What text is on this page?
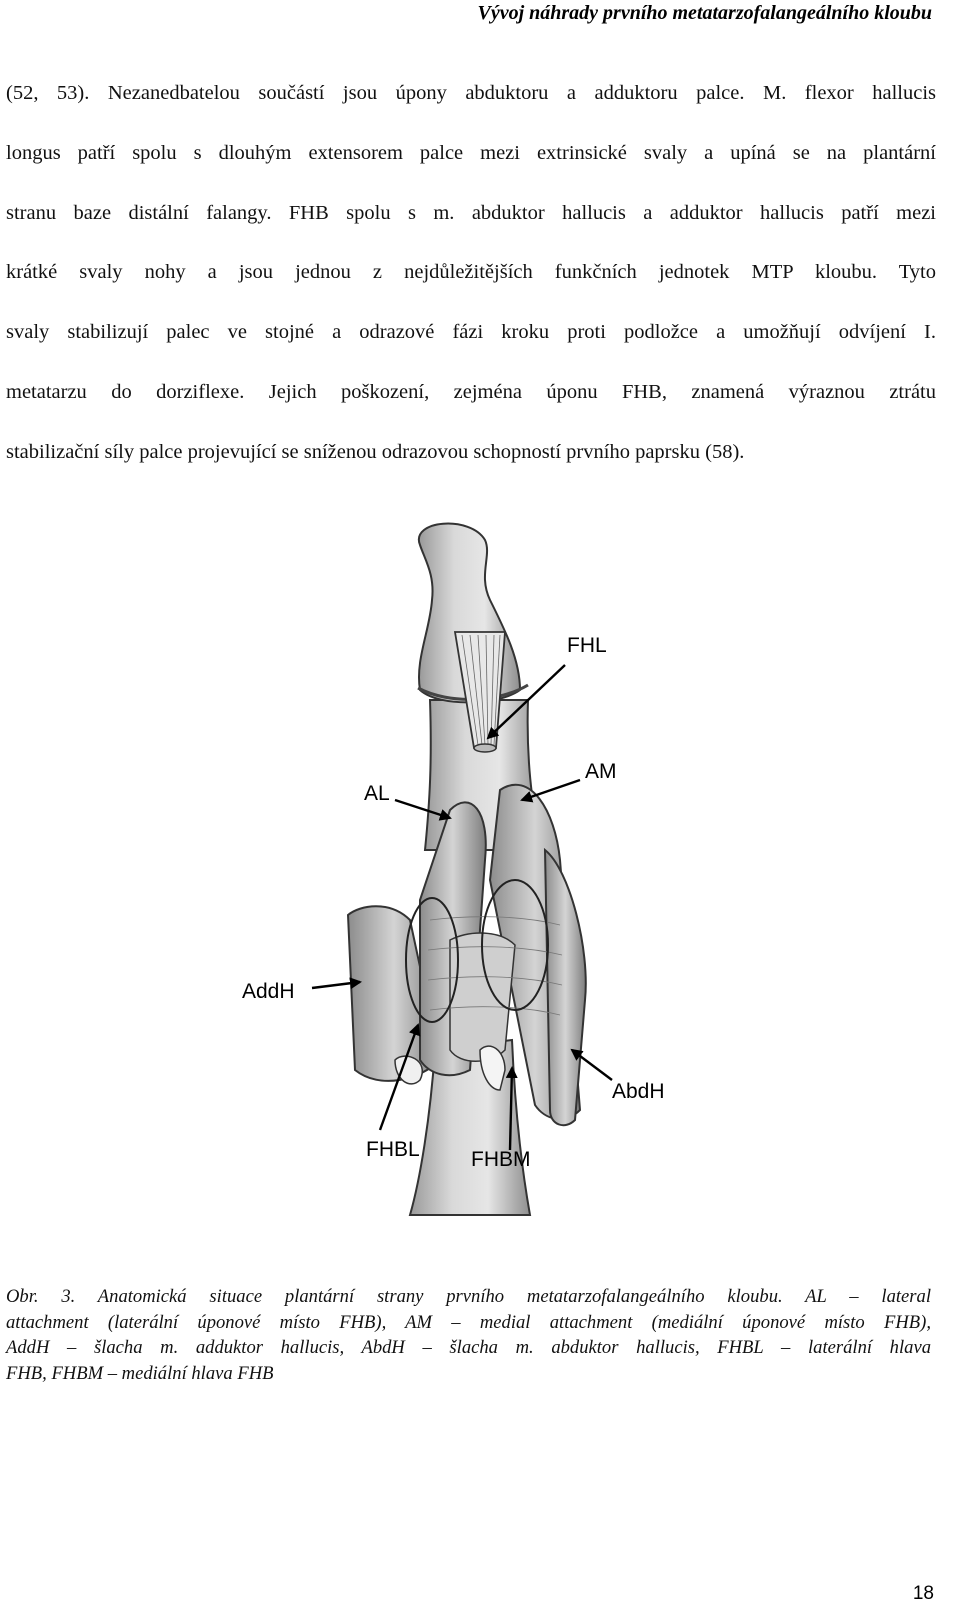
Vývoj náhrady prvního metatarzofalangeálního kloubu
(52, 53). Nezanedbatelou součástí jsou úpony abduktoru a adduktoru palce. M. flexor hallucis
longus patří spolu s dlouhým extensorem palce mezi extrinsické svaly a upíná se na plantární
stranu baze distální falangy. FHB spolu s m. abduktor hallucis a adduktor hallucis patří mezi
krátké svaly nohy a jsou jednou z nejdůležitějších funkčních jednotek MTP kloubu. Tyto
svaly stabilizují palec ve stojné a odrazové fázi kroku proti podložce a umožňují odvíjení I.
metatarzu do dorziflexe. Jejich poškození, zejména úponu FHB, znamená výraznou ztrátu
stabilizační síly palce projevující se sníženou odrazovou schopností prvního paprsku (58).
FHL
AM
AL
AddH
AbdH
FHBL FHBM
Obr. 3. Anatomická situace plantární strany prvního metatarzofalangeálního kloubu. AL – lateral
attachment (laterální úponové místo FHB), AM – medial attachment (mediální úponové místo FHB),
AddH – šlacha m. adduktor hallucis, AbdH – šlacha m. abduktor hallucis, FHBL – laterální hlava
FHB, FHBM – mediální hlava FHB
18
